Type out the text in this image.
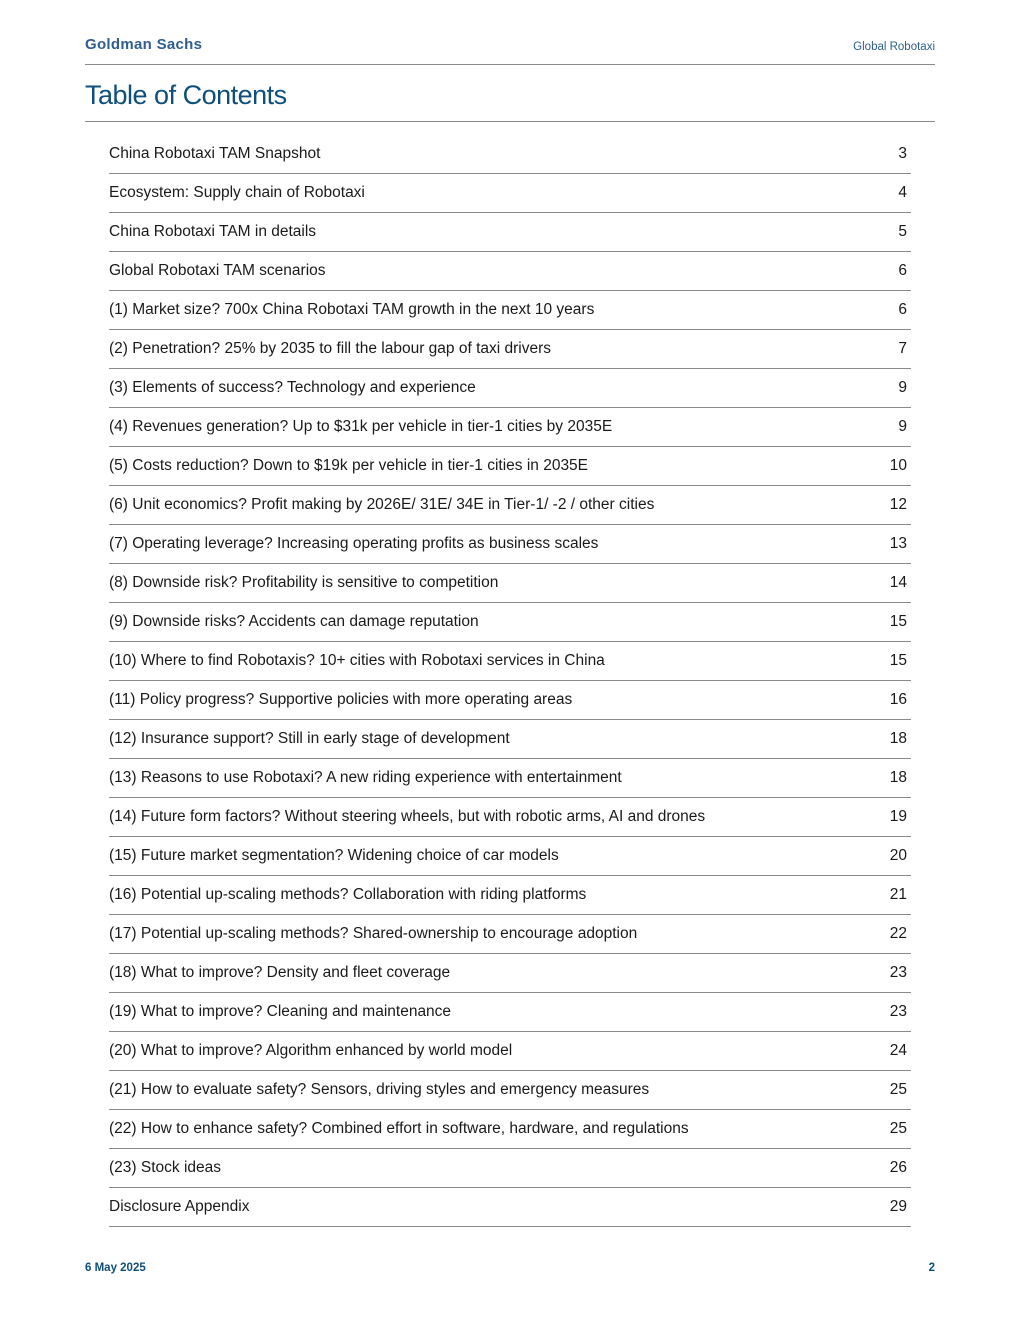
Goldman Sachs	Global Robotaxi
Table of Contents
China Robotaxi TAM Snapshot	3
Ecosystem: Supply chain of Robotaxi	4
China Robotaxi TAM in details	5
Global Robotaxi TAM scenarios	6
(1) Market size? 700x China Robotaxi TAM growth in the next 10 years	6
(2) Penetration? 25% by 2035 to fill the labour gap of taxi drivers	7
(3) Elements of success? Technology and experience	9
(4) Revenues generation? Up to $31k per vehicle in tier-1 cities by 2035E	9
(5) Costs reduction? Down to $19k per vehicle in tier-1 cities in 2035E	10
(6) Unit economics? Profit making by 2026E/ 31E/ 34E in Tier-1/ -2 / other cities	12
(7) Operating leverage? Increasing operating profits as business scales	13
(8) Downside risk? Profitability is sensitive to competition	14
(9) Downside risks? Accidents can damage reputation	15
(10) Where to find Robotaxis? 10+ cities with Robotaxi services in China	15
(11) Policy progress? Supportive policies with more operating areas	16
(12) Insurance support? Still in early stage of development	18
(13) Reasons to use Robotaxi? A new riding experience with entertainment	18
(14) Future form factors? Without steering wheels, but with robotic arms, AI and drones	19
(15) Future market segmentation? Widening choice of car models	20
(16) Potential up-scaling methods? Collaboration with riding platforms	21
(17) Potential up-scaling methods? Shared-ownership to encourage adoption	22
(18) What to improve? Density and fleet coverage	23
(19) What to improve? Cleaning and maintenance	23
(20) What to improve? Algorithm enhanced by world model	24
(21) How to evaluate safety? Sensors, driving styles and emergency measures	25
(22) How to enhance safety? Combined effort in software, hardware, and regulations	25
(23) Stock ideas	26
Disclosure Appendix	29
6 May 2025	2
